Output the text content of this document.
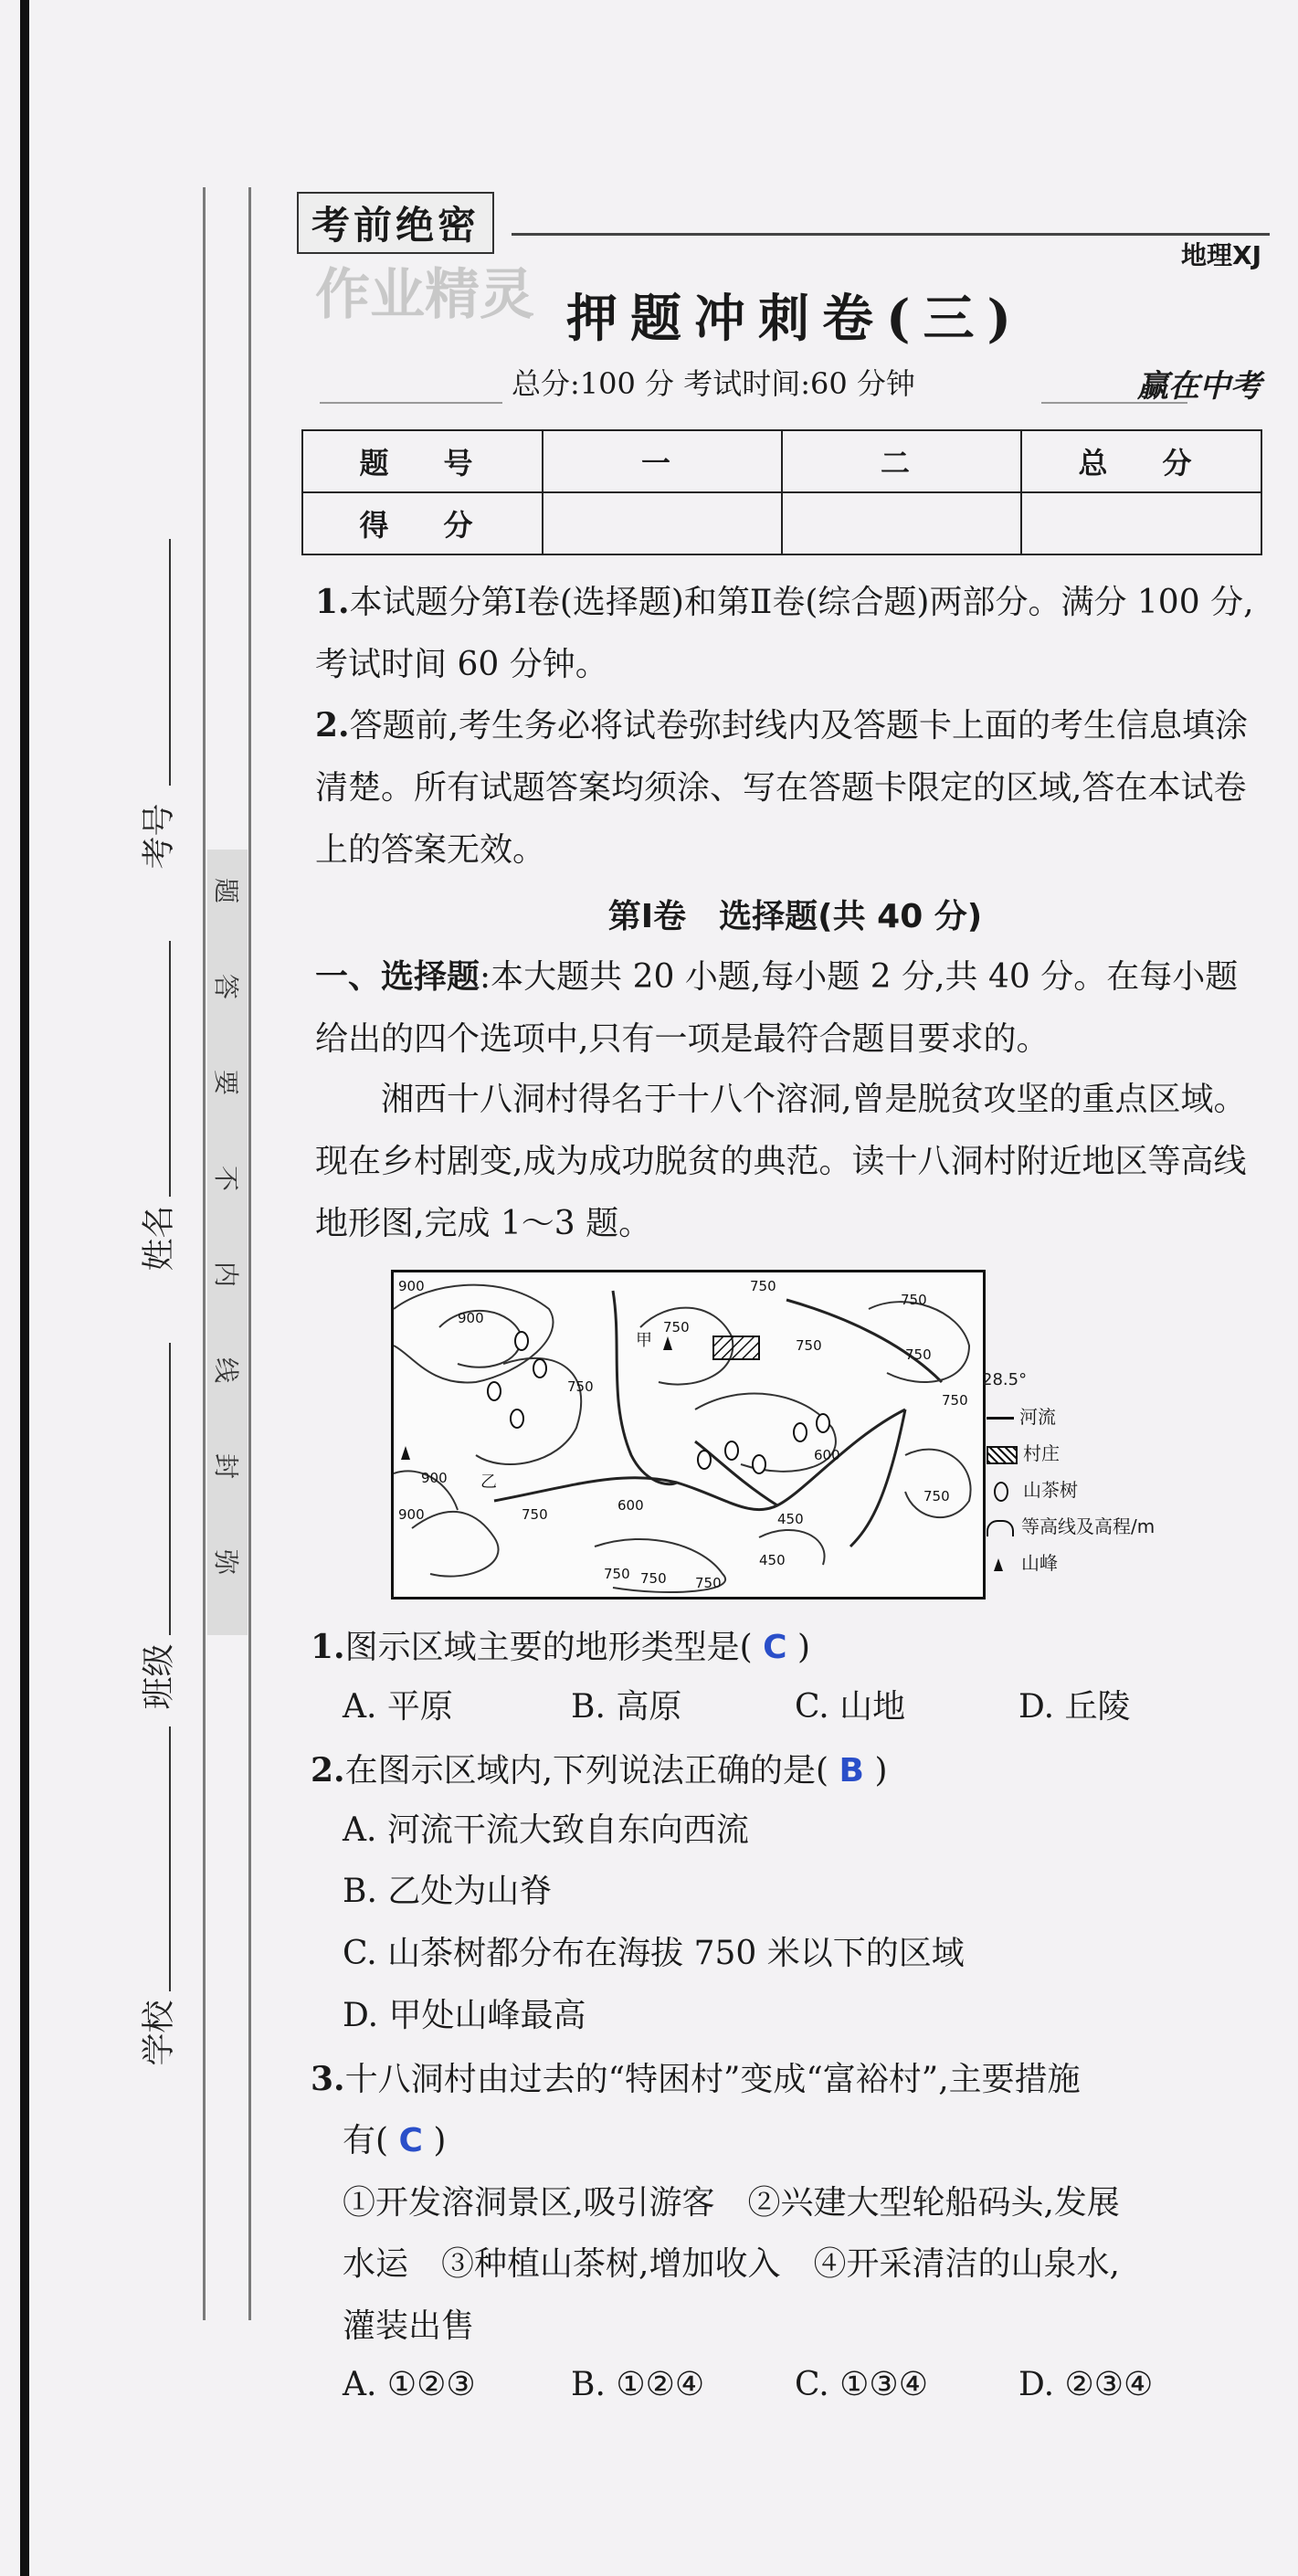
题
答
要
不
内
线
封
弥
考号
姓名
班级
学校
考前绝密
地理XJ
作业精灵 押题冲刺卷(三)
总分:100 分 考试时间:60 分钟	赢在中考
题　号	一	二	总　分
得　分			
1.本试题分第Ⅰ卷(选择题)和第Ⅱ卷(综合题)两部分。满分 100 分,考试时间 60 分钟。
2.答题前,考生务必将试卷弥封线内及答题卡上面的考生信息填涂清楚。所有试题答案均须涂、写在答题卡限定的区域,答在本试卷上的答案无效。
第Ⅰ卷　选择题(共 40 分)
一、选择题:本大题共 20 小题,每小题 2 分,共 40 分。在每小题给出的四个选项中,只有一项是最符合题目要求的。
湘西十八洞村得名于十八个溶洞,曾是脱贫攻坚的重点区域。现在乡村剧变,成为成功脱贫的典范。读十八洞村附近地区等高线地形图,完成 1～3 题。
900
900
900
900
750
750
750
750
750
750
750
750
750
750
600
600
450
450
750 750
甲
乙
28.5°
河流
村庄
山茶树
等高线及高程/m
山峰
1.图示区域主要的地形类型是( C )
A. 平原	B. 高原	C. 山地	D. 丘陵
2.在图示区域内,下列说法正确的是( B )
A. 河流干流大致自东向西流
B. 乙处为山脊
C. 山茶树都分布在海拔 750 米以下的区域
D. 甲处山峰最高
3.十八洞村由过去的“特困村”变成“富裕村”,主要措施
有( C )
①开发溶洞景区,吸引游客　②兴建大型轮船码头,发展
水运　③种植山茶树,增加收入　④开采清洁的山泉水,
灌装出售
A. ①②③	B. ①②④	C. ①③④	D. ②③④
